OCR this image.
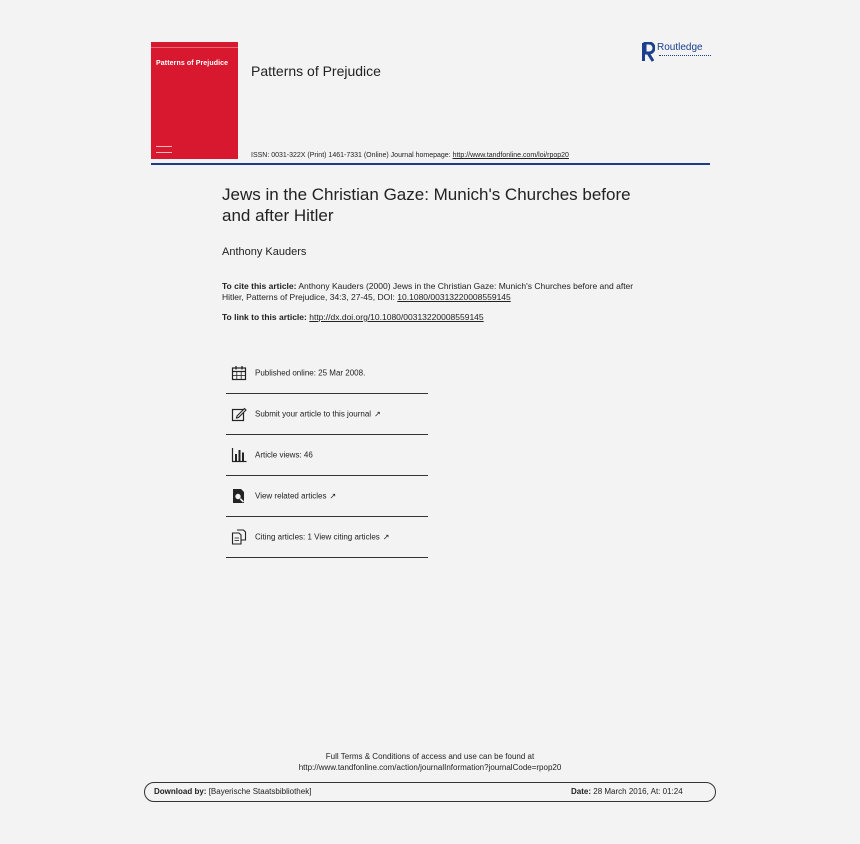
Patterns of Prejudice Patterns of Prejudice
Routledge
ISSN: 0031-322X (Print) 1461-7331 (Online) Journal homepage: http://www.tandfonline.com/loi/rpop20
Jews in the Christian Gaze: Munich's Churches before and after Hitler
Anthony Kauders
To cite this article: Anthony Kauders (2000) Jews in the Christian Gaze: Munich's Churches before and after Hitler, Patterns of Prejudice, 34:3, 27-45, DOI: 10.1080/00313220008559145
To link to this article: http://dx.doi.org/10.1080/00313220008559145
Published online: 25 Mar 2008.
Submit your article to this journal ↗
Article views: 46
View related articles ↗
Citing articles: 1 View citing articles ↗
Full Terms & Conditions of access and use can be found at
http://www.tandfonline.com/action/journalInformation?journalCode=rpop20
Download by: [Bayerische Staatsbibliothek]	Date: 28 March 2016, At: 01:24
